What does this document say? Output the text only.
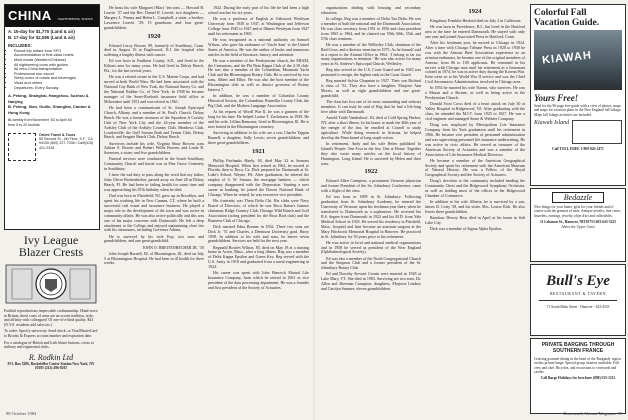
CHINA SIGHTSEEING TOURS
A. 15-day for $1,770 (Land & air)
B. 17-day for $2,095 (Land & air)
INCLUDES:
• Round-trip airfare from SFO
• Accommodation in first-class hotels
• Most meals (Western/Chinese)
• All sightseeing tours with guides
• All intra-China transportation
• Professional tour escort
• Sleep-overs of meals and beverages
• Visas and others
• Departures: Every Sunday
A. Peking, Shanghai, Hangzhou, Suzhou & Nanjing
B. Peking, Xian, Guilin, Shanghai, Canton & Hong Kong
Bi-weekly from November '83 to April 84
from 5 to 20 tourists
Orient Travel & Tours
55 Second St., 4th Floor, S.F., CA 94105 (800) 227-7008 / Calif(415) 421-2345
Ivy League
Blazer Crests
Faithful reproductions impeccable craftsmanship. Hand-sewn in Britain, these coats of arms are an accent tradition, style, and affinity with colleagues! Of one-of-a-kind quality. $43 (N.Y.S. residents add sales tax.)
To order: Specify university. Send check, or Visa/MasterCard to Brooks & Express account number and expiration date.
For a catalogue of British and Irish blazer buttons, crests to military and regimental clubs.
R. Rodkin Ltd
P.O. Box 5286, Rockefeller Center Station New York, NY 10185 (212) 496-8267

He hosts his wife Margaret (Mac) ’ten sons — Howard B. Leavitt ’27 and the Rev. Daniel R. Leavitt; two daughters — Margery L. Pinney and Helen L. Campbell; a sister, a brother, Lawrence Leavitt ’29; 15 grandsons; and four great-grandchildren.

1920

Edward Leroy Bowen, 89, formerly of Southbury, Conn. died in August 16 at Englewood, N.J. the hospital after suffering a lengthy illness with cancer.

Ed was born in Faulkton County, S.D., and lived in the Kiltons area for many years. He had lived in Delray Beach, Fla., for the last several years.

He was a retired owner in the U.S. Marine Corps, and had served at both World Wars. He had been associated with the National City Bank of New York, the National Surety Co. and the National Rubber Co. of New York. In 1938 he became manager of the Sears-Roebuck insurance field office at Milwaukee until 1951 and was retired in 1961.

He had been a communicant of St. Joseph Episcopal Church, Albany, and a member of St. Paul's Church, Delray Beach. He was a former treasurer of the Squadron A Cavalry Unit of New York City and the 24-year member of the Ardsley Club of the Ardsley Country Club, Meadows Club, Loudonville, the Gulf Stream Bath and Tennis Club, Delray Beach, and Seagate Beach Club, Delray Beach.

Survivors include his wife, Virginia Shaw Bowen; sons Adrian S. Bowen and Robert Willis Bowen; and Linda B. Sorensen, a sister; and five grandchildren.

Funeral services were conducted in the South Southbury Community Church and burial was in Pine Grove Cemetery in Southbury.

I have the sad duty to pass along the word that my father, John Oliver Breitenbecher, passed away on June 28 in Delray Beach, Fl. He had been in failing health for some time and was approaching his 87th birthday when he died.

Dad was born in Plainfield, NJ, grew up in Brooklyn, and spent his working life in New Canaan, CT, where he built a successful real estate and insurance business. He played a major role in the development of the town and was active in community affairs. He was also active politically and this was one of his major concerns with Dartmouth. He felt a deep attachment to the College and enjoyed maintaining close ties with his classmates, including Governor Adams.

He is survived by his wife Kay, two sons and grandchildren, and one great-grandchild.

JOHN O. BREITENBECHER JR. ’50

John Joseph Burnell, 82, of Bloomington, Ill., died on July 5 at Bloomington Hospital. He had been in ill health for three weeks.

1922. During the early part of his life he had been a high school teacher for six years.

He was a professor of English at Oakwood Wesleyan University from 1938 to 1947, at Washington and Jefferson College from 1945 to 1947 and at Illinois Wesleyan from 1947 until his retirement in 1965.

He was recognized as a national authority on Samuel Wilson, who gave his nickname of ‘Uncle Sam’ to the United States of America. He was the author of books and numerous articles in the field of literature, history, and attention.

He was a member of the Presbyterian church, the ERAM, the Centurions, and the Phi Beta Kappa Club of the 2:18 club. He was also a member of the Columbian, Mountain Yacht Club and the Bloomington Rotary Club. He is survived by two sons, Albert and Elliot. He was also the host member of the Bloomington club as well as district governor of Rotary Interest 7.

In addition, he was a member of Columbia County Historical Society, the Columbian, Burnellia County Club, the Pig Club, and the Modern Language Association.

At his request of Wordl War II, he was a gunners of the long for his time. He helped Louise T. Zachrissen, in 1939. He and his wife, Lillian Ransome, lived in Bloomington, Ill. He is now buried in the Bloomington cemetery.

Surviving in addition to his wife are a son, Charles Tappan Burnell; a daughter, Sally Lewis; seven grandchildren; and three great-grandchildren.

1921

Phillip Fairbanks Hardy, 84, died May 22 at Seasons Memorial Hospital. When first retired in 1962, he moved to Florida; then to Boca, Ca. Dick prepared for Dartmouth at St. Luke's School, Wayne, PA. After graduation, he entered the employ of S. W. Strauss, the mortgage bankers — which company disappeared with the Depression. Starting a new career in banking, he joined the Dawes National Bank of Chicago. When he retired, he was executive vice president.

His fraternity was Theta Delta Chi. His clubs were Navy Board of Directors, of which he was Boca Raton's finance chairman, Ridge Country Club, Chicago Wild Bunch and Golf Association (acting president for the Boca Bird club) and the Business Club of Chicago.

Dick married Edna Bremer in 1932. There two sons are Dick Jr. ’51 and Charles, a Dennison University grad. Harry 1958. In addition to his wife and sons, he leaves seven grandchildren. Services are held for the next year.

Reginald Bowles Wilson, 85, died on May 18 at a nursing home in Acton, Mass., after a long illness. Reg was a member of Delta Kappa Epsilon and Green Key. Reg served with the U.S. Army in 1918 and graduated from a naval engineering in 1924.

His career was spent with John Hancock Mutual Life Insurance Company, from which he retired in 1961 as vice president of the data processing department. He was a founder and first president of the Society of Actuaries.

98 October 1984

organizations dealing with housing and secondary education.

In college, Reg was a member of Delta Tau Delta. He was a member of both the national and the Dartmouth Association. He was class secretary from 1951 to 1956 and class president from 1963 to 1964, and he chaired our 50th, 60th, 55th, and 57th class reunions.

He was a member of the Wellesley Club, chairman of the Red Cross, and a director emeritus in 1975. As he himself said in a report to the Alumni Office in 1964, ‘I belong to far too many organizations to mention.’ He was also active for many years in St. Andrew's Episcopal Church, Wellesley.

Reg also served in the U.S. Coast Guard and in 1943 was promoted to ensign, the highest rank in the Coast Guard.

Reg married Sylvia Chapman in 1927. Their son Richard is class of ’52. They also have a daughter, Marjorie Ann Morris, as well as eight grandchildren and one great-grandchild.

The class has lost one of its most outstanding and stalwart members. It can truly be said of Reg that he had a life-long love affair with Dartmouth.

Arnold Tuttle Vanderhoof, 84, died at Cold Spring Harbor, NY, after a short illness. In his honor to mark the 40th year of the merger of the law, he enrolled at Cornell to study agriculture. While doing research in Arizona, he helped develop the Pima brand of long staple cotton.

In retirement, Andy and his wife Helen published In Island's People: One Foot in the Sea. One at Home. Together they also wrote many articles on the local history of Huntington, Long Island. He is survived by Helen and their sons.

1922

Edward Allen Crampton, a prominent Vermont physician and former President of the So. Johnsbury Conference, came with a flight of the class.

Ed was born in 1899 in St. Johnsbury. Following graduation from St. Johnsbury Academy, he entered the University of Vermont, upon his freshman year there, when he transferred to Dartmouth as a sophomore. He received his B.S. degree from Dartmouth in 1922 and his M.D. from Yale Medical School in 1925. He served his residency in Pittsfield, Mass., hospital and later became an assistant surgeon at the Mary Hitchcock Memorial Hospital in Hanover. He practiced in St. Johnsbury for 50 years prior to his retirement.

He was active in local and national medical organizations and in 1958 he served as president of the New England (Ophthalmological Society).

Ed was also a member of the North Congregational Church and the Simpson Club and a former president of the St. Johnsbury Rotary Club.

Ed and Dorothy Stewart Cronin were married in 1928 at Lake Mary, VT. She died in 1983. Surviving are two sons, Dr. Allen and Sherman Crampton; daughters, Marjorie Lindsey and Carolyn Sumner; eleven grandchildren.

1924

Kingsbury Franklin Heaford died on July 2 in California.

He was born in Providence, R.I., but lived in the Hartford area at the time he entered Dartmouth. He stayed with only one year and joined Associated Press in Hartford, Conn.

After his freshman year, he moved to Chicago in 1924. After a time with Chicago Tribune Press in 1928 to 1930 he was with the Armour Beef Association experience as an aviation enthusiast, he became one of the original members of Armour, from 86 to 100 applicants. He remained in his service with Chicago area until his retirement as a lieutenant colonel in 1974; he was in active duty during the Korean War. Kent went on to his World War II service and was the Chief Civil Aeronautics Administration, involved in Chicago area.

In 1954 he married his wife Naomi, who survives. He was a Mason and a Shriner, as well as being active in the Presbyterian Church.

Donald Scott Cross died of a heart attack on July 30 at Valley Hospital in Ridgewood, NJ. After graduating with the class, he attended the M.I.T. from 1925 to 1927. He was a civil engineer and managed Stone & Webster Company.

Doug was employed by Metropolitan Life Insurance Company from his York graduation until his retirement in 1966. He became vice president of personnel administration and was supervising personnel life insurance underwriting. He was active in civic affairs. He served as treasurer of the American Society of Actuaries and was a member of the Association of Life Insurance Medical Directors.

He became a member of the American Geographical Society and spent his retirement with the American Museum of Natural History. He was a Fellow of the Royal Geographical Society and the Society of Actuaries.

Doug's devotion to the community included heading the Community Chest and the Ridgewood Symphony Orchestra, as well as holding most of the offices in the Ridgewood Chamber of Commerce.

In addition to his wife Alberta, he is survived by a son, James D. Cotty '58, and his sister, Mrs. Louise Kirk. He also leaves three grandchildren.

Ranshaw Dewey Hess died in April at his home in Salt Lake City.

Dick was a member of Sigma Alpha Epsilon.

Colorful Fall Vacation Guide.
KIAWAH
Yours Free!
Send for the 96-page free guide with a view of photos, maps and maps for vacation plans in the New England fall foliage. Maps fall foliage activities are included.
Kiawah Island
Call TOLL FREE 1-800-845-2471
Bedazzle
Nice things for your home, gifts for your friends and of course with the greatest of taste. Antique jewelry, fine cases, bracelets, earrings, jewelry, objet d'art and collectibles.
11 Lebanon St., Hanover, NH 03755 603-643-5225
Above the Upper Crust
Bull's Eye
RESTAURANT & TAVERN
71 South Main Street · Hanover · 643-4333
PRIVATE BARGING THROUGH SOUTHERN FRANCE
Cruising gourmet dining in the heart of the Burgundy region on this private barge. Special group charters available. Full crew and chef. Bicycles, and excursions to vineyards and castles.
Call Barge Holidays for brochure (800) 555-1212
Dartmouth Alumni Magazine 99
